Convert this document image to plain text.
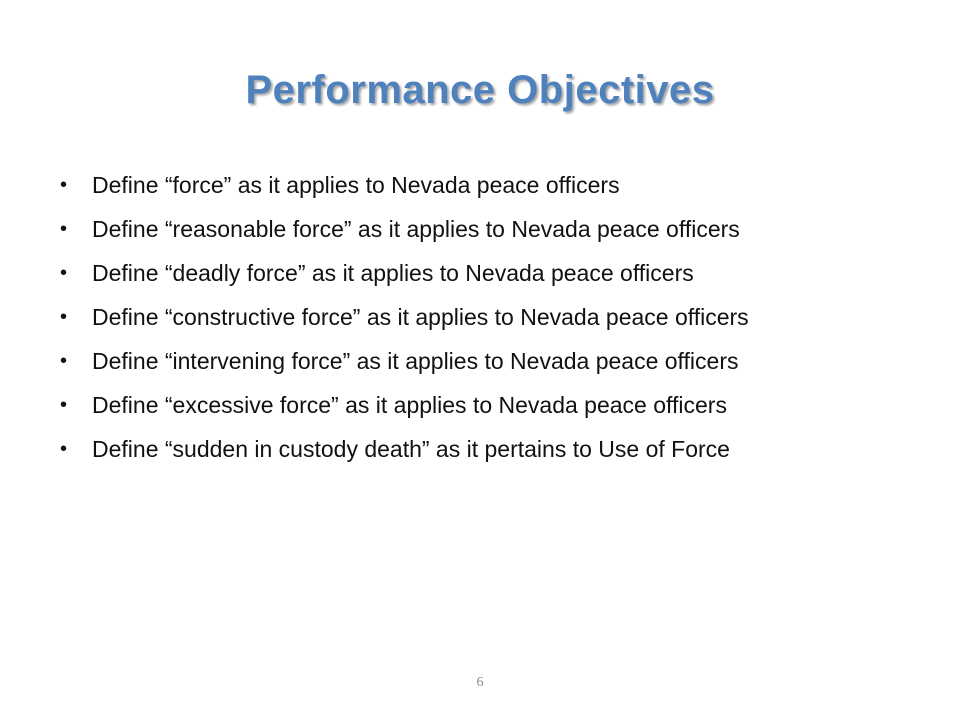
Performance Objectives
• Define “force” as it applies to Nevada peace officers
• Define “reasonable force” as it applies to Nevada peace officers
• Define “deadly force” as it applies to Nevada peace officers
• Define “constructive force” as it applies to Nevada peace officers
• Define “intervening force” as it applies to Nevada peace officers
• Define “excessive force” as it applies to Nevada peace officers
• Define “sudden in custody death” as it pertains to Use of Force
6
